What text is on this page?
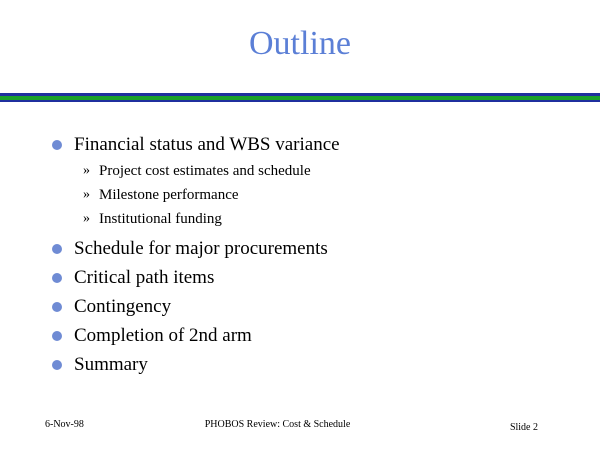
Outline
Financial status and WBS variance
» Project cost estimates and schedule
» Milestone performance
» Institutional funding
Schedule for major procurements
Critical path items
Contingency
Completion of 2nd arm
Summary
6-Nov-98	PHOBOS Review: Cost & Schedule	Slide 2
